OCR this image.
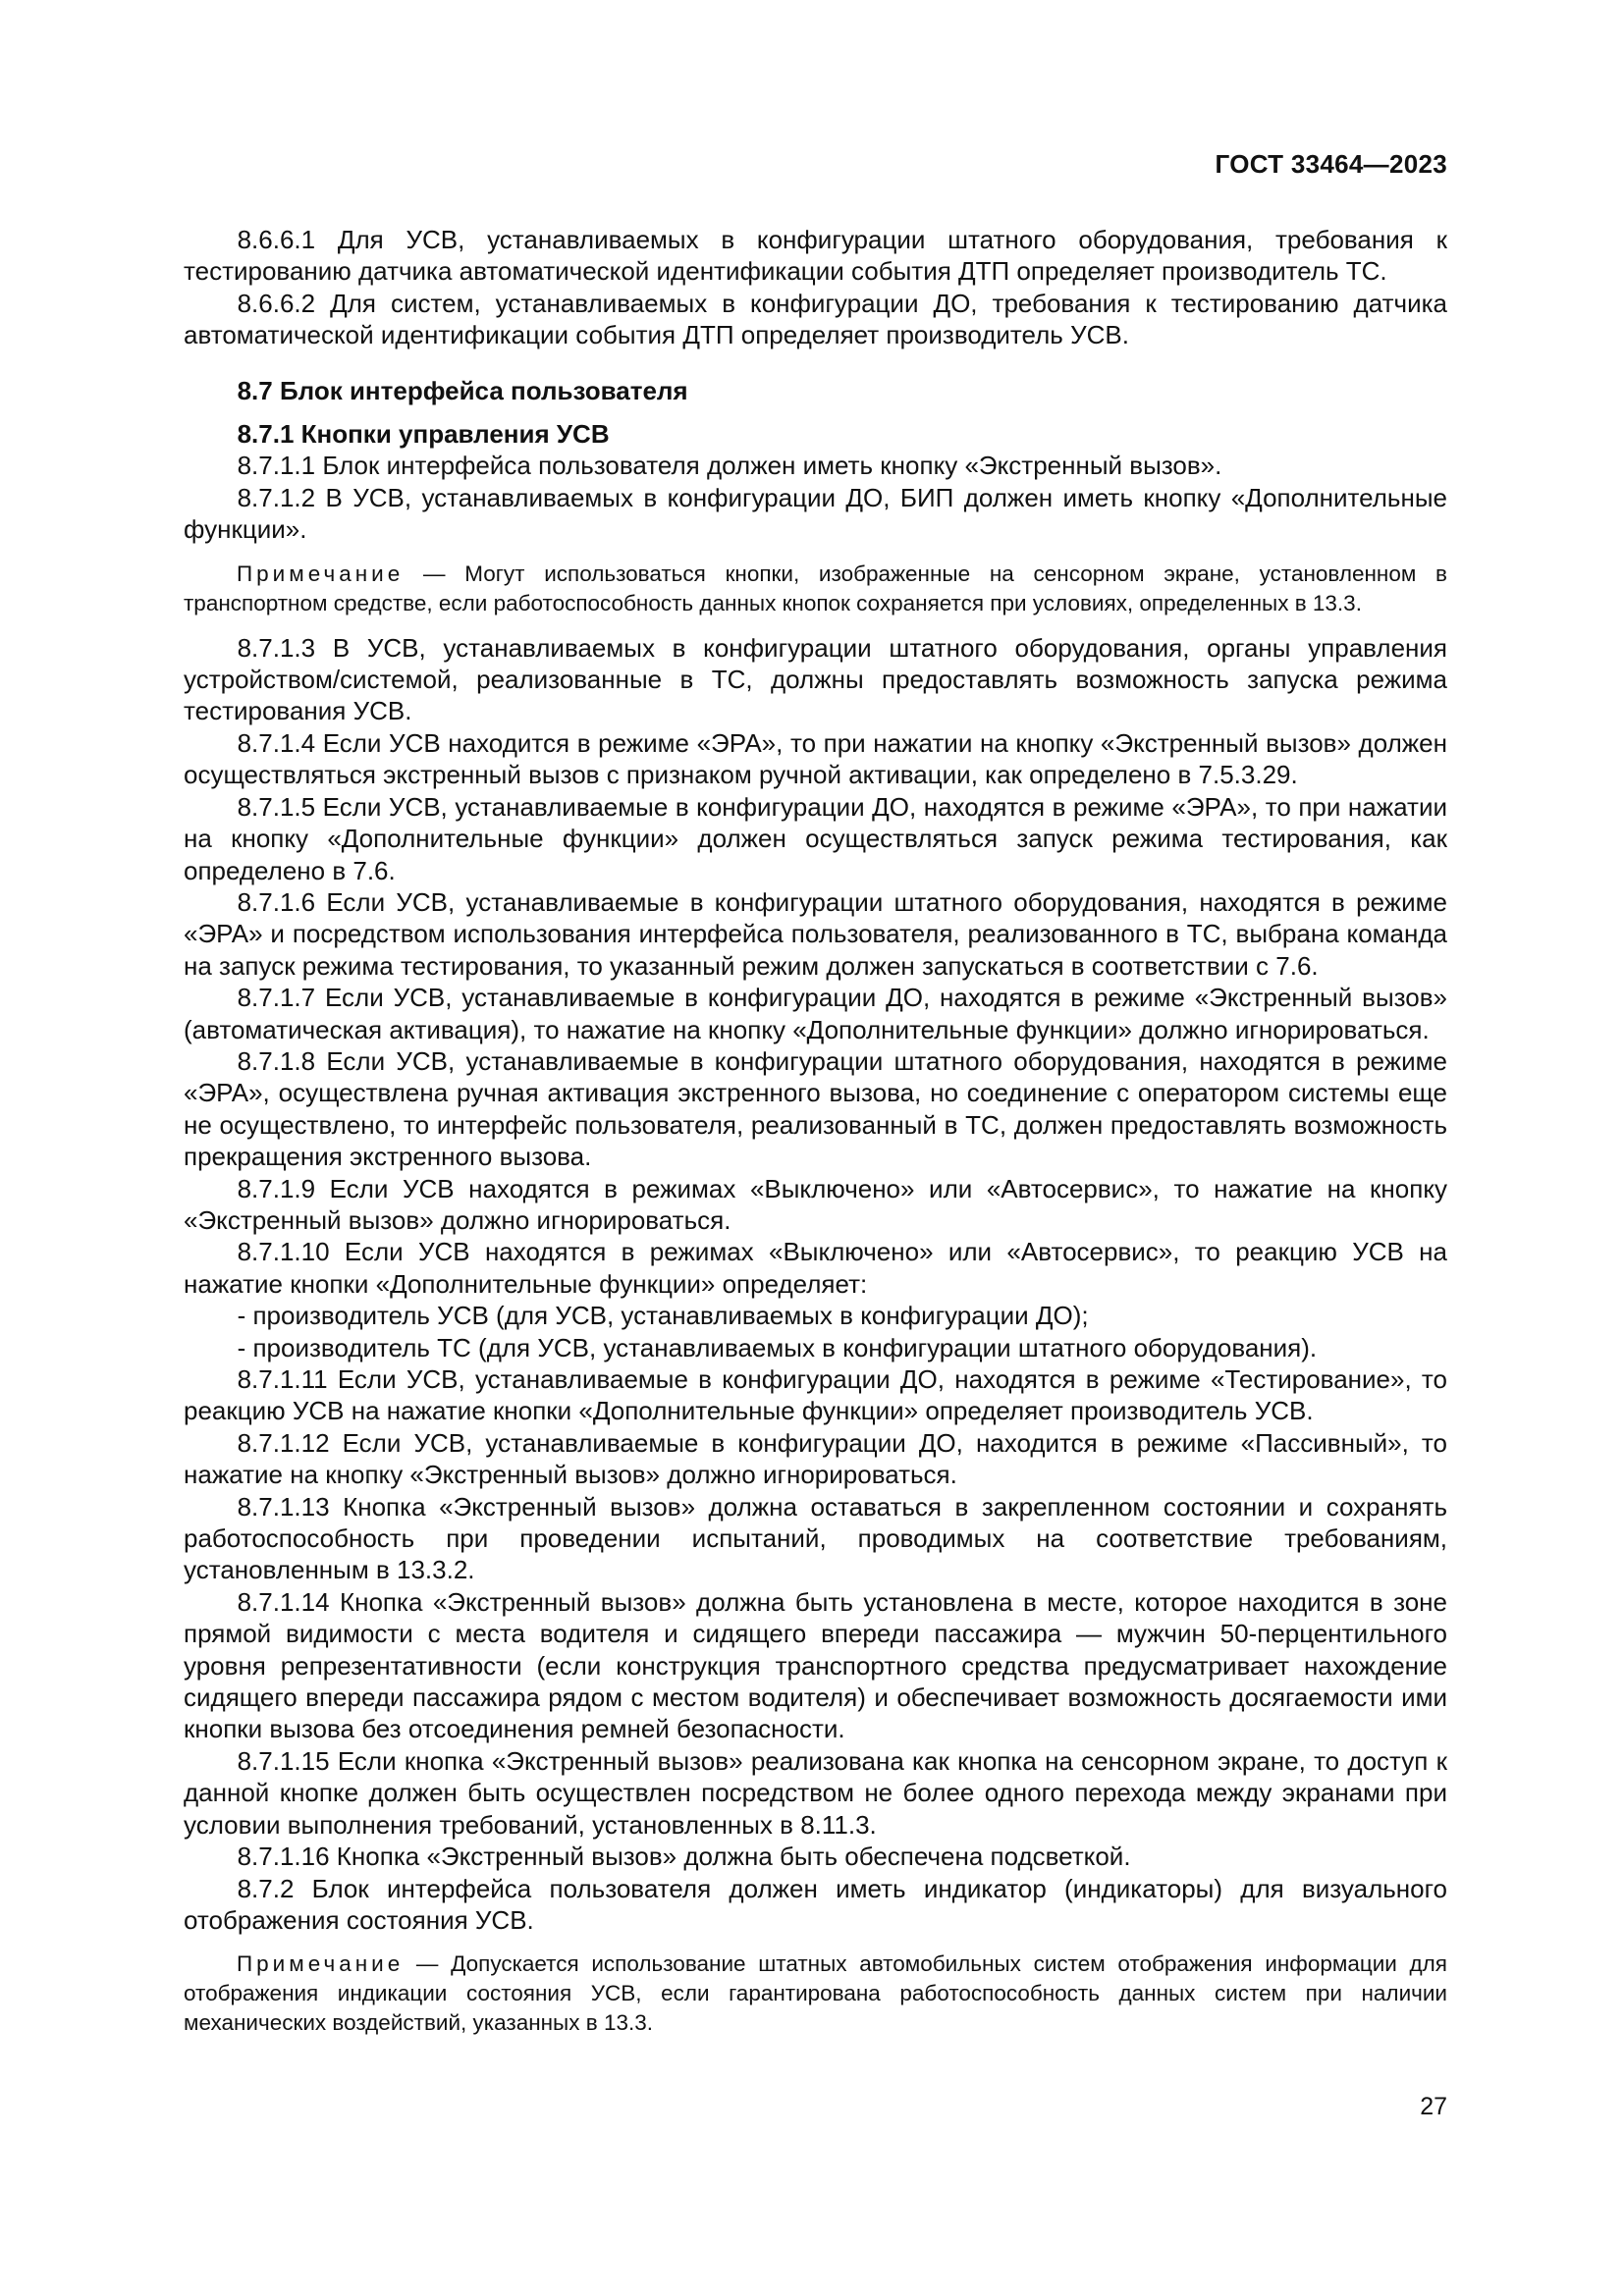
ГОСТ 33464—2023

8.6.6.1 Для УСВ, устанавливаемых в конфигурации штатного оборудования, требования к тестированию датчика автоматической идентификации события ДТП определяет производитель ТС.

8.6.6.2 Для систем, устанавливаемых в конфигурации ДО, требования к тестированию датчика автоматической идентификации события ДТП определяет производитель УСВ.

8.7 Блок интерфейса пользователя

8.7.1 Кнопки управления УСВ

8.7.1.1 Блок интерфейса пользователя должен иметь кнопку «Экстренный вызов».

8.7.1.2 В УСВ, устанавливаемых в конфигурации ДО, БИП должен иметь кнопку «Дополнительные функции».

Примечание — Могут использоваться кнопки, изображенные на сенсорном экране, установленном в транспортном средстве, если работоспособность данных кнопок сохраняется при условиях, определенных в 13.3.

8.7.1.3 В УСВ, устанавливаемых в конфигурации штатного оборудования, органы управления устройством/системой, реализованные в ТС, должны предоставлять возможность запуска режима тестирования УСВ.

8.7.1.4 Если УСВ находится в режиме «ЭРА», то при нажатии на кнопку «Экстренный вызов» должен осуществляться экстренный вызов с признаком ручной активации, как определено в 7.5.3.29.

8.7.1.5 Если УСВ, устанавливаемые в конфигурации ДО, находятся в режиме «ЭРА», то при нажатии на кнопку «Дополнительные функции» должен осуществляться запуск режима тестирования, как определено в 7.6.

8.7.1.6 Если УСВ, устанавливаемые в конфигурации штатного оборудования, находятся в режиме «ЭРА» и посредством использования интерфейса пользователя, реализованного в ТС, выбрана команда на запуск режима тестирования, то указанный режим должен запускаться в соответствии с 7.6.

8.7.1.7 Если УСВ, устанавливаемые в конфигурации ДО, находятся в режиме «Экстренный вызов» (автоматическая активация), то нажатие на кнопку «Дополнительные функции» должно игнорироваться.

8.7.1.8 Если УСВ, устанавливаемые в конфигурации штатного оборудования, находятся в режиме «ЭРА», осуществлена ручная активация экстренного вызова, но соединение с оператором системы еще не осуществлено, то интерфейс пользователя, реализованный в ТС, должен предоставлять возможность прекращения экстренного вызова.

8.7.1.9 Если УСВ находятся в режимах «Выключено» или «Автосервис», то нажатие на кнопку «Экстренный вызов» должно игнорироваться.

8.7.1.10 Если УСВ находятся в режимах «Выключено» или «Автосервис», то реакцию УСВ на нажатие кнопки «Дополнительные функции» определяет:

- производитель УСВ (для УСВ, устанавливаемых в конфигурации ДО);

- производитель ТС (для УСВ, устанавливаемых в конфигурации штатного оборудования).

8.7.1.11 Если УСВ, устанавливаемые в конфигурации ДО, находятся в режиме «Тестирование», то реакцию УСВ на нажатие кнопки «Дополнительные функции» определяет производитель УСВ.

8.7.1.12 Если УСВ, устанавливаемые в конфигурации ДО, находится в режиме «Пассивный», то нажатие на кнопку «Экстренный вызов» должно игнорироваться.

8.7.1.13 Кнопка «Экстренный вызов» должна оставаться в закрепленном состоянии и сохранять работоспособность при проведении испытаний, проводимых на соответствие требованиям, установленным в 13.3.2.

8.7.1.14 Кнопка «Экстренный вызов» должна быть установлена в месте, которое находится в зоне прямой видимости с места водителя и сидящего впереди пассажира — мужчин 50-перцентильного уровня репрезентативности (если конструкция транспортного средства предусматривает нахождение сидящего впереди пассажира рядом с местом водителя) и обеспечивает возможность досягаемости ими кнопки вызова без отсоединения ремней безопасности.

8.7.1.15 Если кнопка «Экстренный вызов» реализована как кнопка на сенсорном экране, то доступ к данной кнопке должен быть осуществлен посредством не более одного перехода между экранами при условии выполнения требований, установленных в 8.11.3.

8.7.1.16 Кнопка «Экстренный вызов» должна быть обеспечена подсветкой.

8.7.2 Блок интерфейса пользователя должен иметь индикатор (индикаторы) для визуального отображения состояния УСВ.

Примечание — Допускается использование штатных автомобильных систем отображения информации для отображения индикации состояния УСВ, если гарантирована работоспособность данных систем при наличии механических воздействий, указанных в 13.3.

27
